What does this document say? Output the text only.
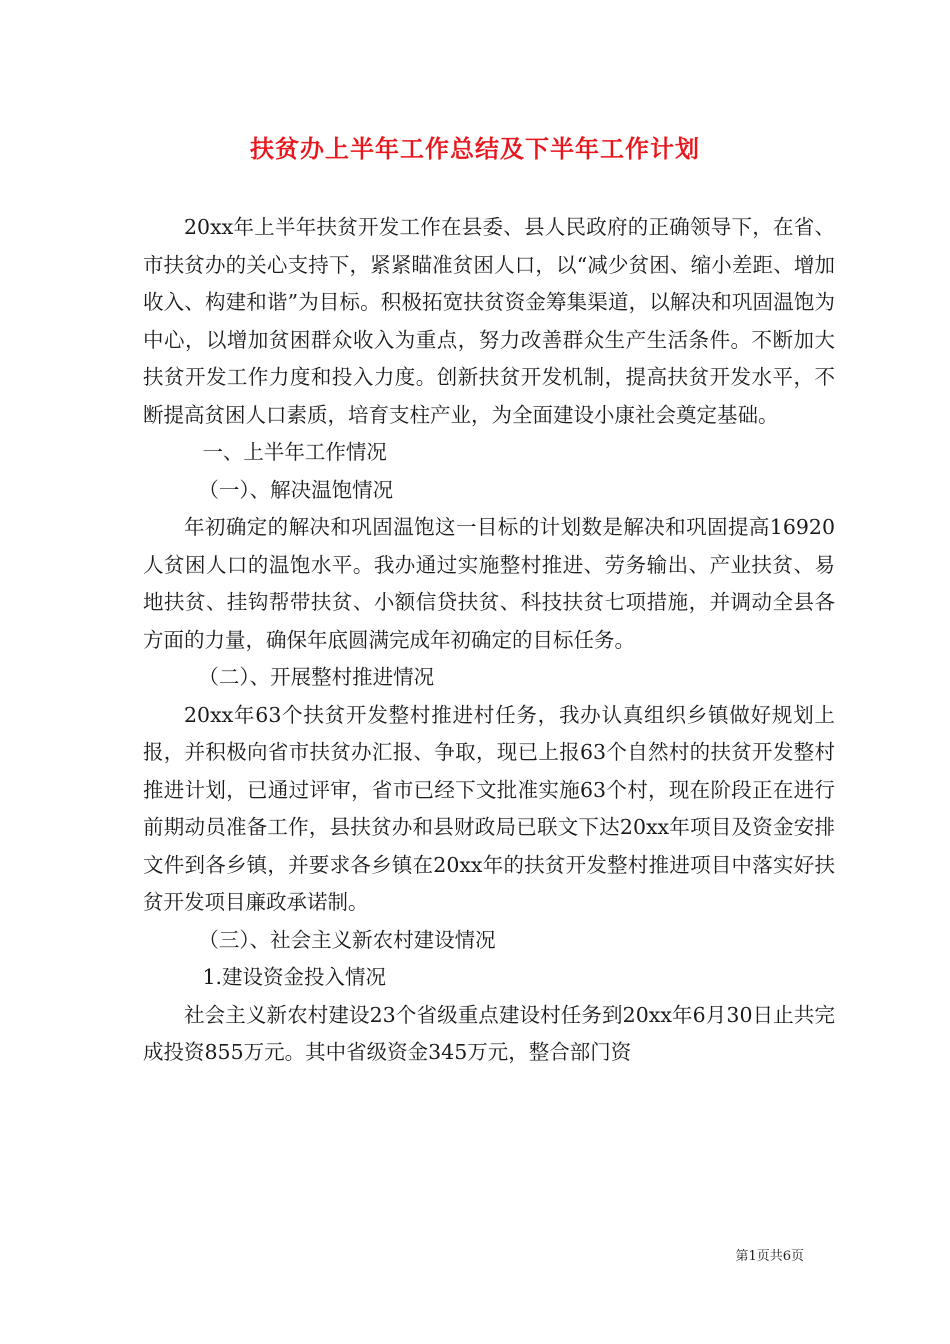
扶贫办上半年工作总结及下半年工作计划

20xx年上半年扶贫开发工作在县委、县人民政府的正确领导下，在省、市扶贫办的关心支持下，紧紧瞄准贫困人口，以“减少贫困、缩小差距、增加收入、构建和谐”为目标。积极拓宽扶贫资金筹集渠道，以解决和巩固温饱为中心，以增加贫困群众收入为重点，努力改善群众生产生活条件。不断加大扶贫开发工作力度和投入力度。创新扶贫开发机制，提高扶贫开发水平，不断提高贫困人口素质，培育支柱产业，为全面建设小康社会奠定基础。

一、上半年工作情况

（一）、解决温饱情况

年初确定的解决和巩固温饱这一目标的计划数是解决和巩固提高16920人贫困人口的温饱水平。我办通过实施整村推进、劳务输出、产业扶贫、易地扶贫、挂钩帮带扶贫、小额信贷扶贫、科技扶贫七项措施，并调动全县各方面的力量，确保年底圆满完成年初确定的目标任务。

（二）、开展整村推进情况

20xx年63个扶贫开发整村推进村任务，我办认真组织乡镇做好规划上报，并积极向省市扶贫办汇报、争取，现已上报63个自然村的扶贫开发整村推进计划，已通过评审，省市已经下文批准实施63个村，现在阶段正在进行前期动员准备工作，县扶贫办和县财政局已联文下达20xx年项目及资金安排文件到各乡镇，并要求各乡镇在20xx年的扶贫开发整村推进项目中落实好扶贫开发项目廉政承诺制。

（三）、社会主义新农村建设情况

1.建设资金投入情况

社会主义新农村建设23个省级重点建设村任务到20xx年6月30日止共完成投资855万元。其中省级资金345万元，整合部门资

第1页共6页
